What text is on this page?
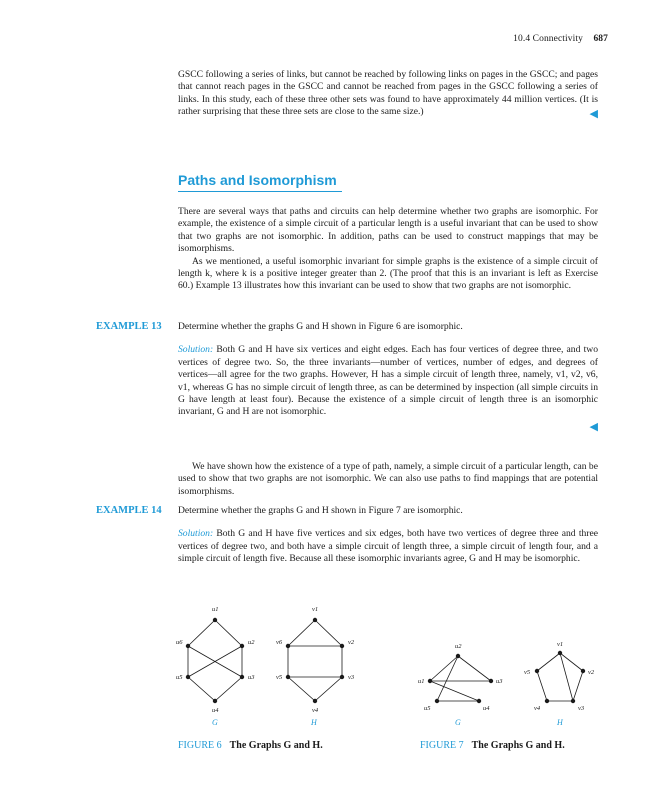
10.4 Connectivity 687

GSCC following a series of links, but cannot be reached by following links on pages in the GSCC; and pages that cannot reach pages in the GSCC and cannot be reached from pages in the GSCC following a series of links. In this study, each of these three other sets was found to have approximately 44 million vertices. (It is rather surprising that these three sets are close to the same size.)	◀
Paths and Isomorphism

There are several ways that paths and circuits can help determine whether two graphs are isomorphic. For example, the existence of a simple circuit of a particular length is a useful invariant that can be used to show that two graphs are not isomorphic. In addition, paths can be used to construct mappings that may be isomorphisms.

As we mentioned, a useful isomorphic invariant for simple graphs is the existence of a simple circuit of length k, where k is a positive integer greater than 2. (The proof that this is an invariant is left as Exercise 60.) Example 13 illustrates how this invariant can be used to show that two graphs are not isomorphic.

EXAMPLE 13 Determine whether the graphs G and H shown in Figure 6 are isomorphic.

Solution: Both G and H have six vertices and eight edges. Each has four vertices of degree three, and two vertices of degree two. So, the three invariants—number of vertices, number of edges, and degrees of vertices—all agree for the two graphs. However, H has a simple circuit of length three, namely, v1, v2, v6, v1, whereas G has no simple circuit of length three, as can be determined by inspection (all simple circuits in G have length at least four). Because the existence of a simple circuit of length three is an isomorphic invariant, G and H are not isomorphic.

◀

We have shown how the existence of a type of path, namely, a simple circuit of a particular length, can be used to show that two graphs are not isomorphic. We can also use paths to find mappings that are potential isomorphisms.

EXAMPLE 14 Determine whether the graphs G and H shown in Figure 7 are isomorphic.

Solution: Both G and H have five vertices and six edges, both have two vertices of degree three and three vertices of degree two, and both have a simple circuit of length three, a simple circuit of length four, and a simple circuit of length five. Because all these isomorphic invariants agree, G and H may be isomorphic.

u1
u2
u3
u4
u5
u6
G
v1
v2
v3
v4
v5
v6
H
u1
u2
u3
u4
u5
G
v1
v2
v3
v4
v5
H
FIGURE 6 The Graphs G and H.	FIGURE 7 The Graphs G and H.
